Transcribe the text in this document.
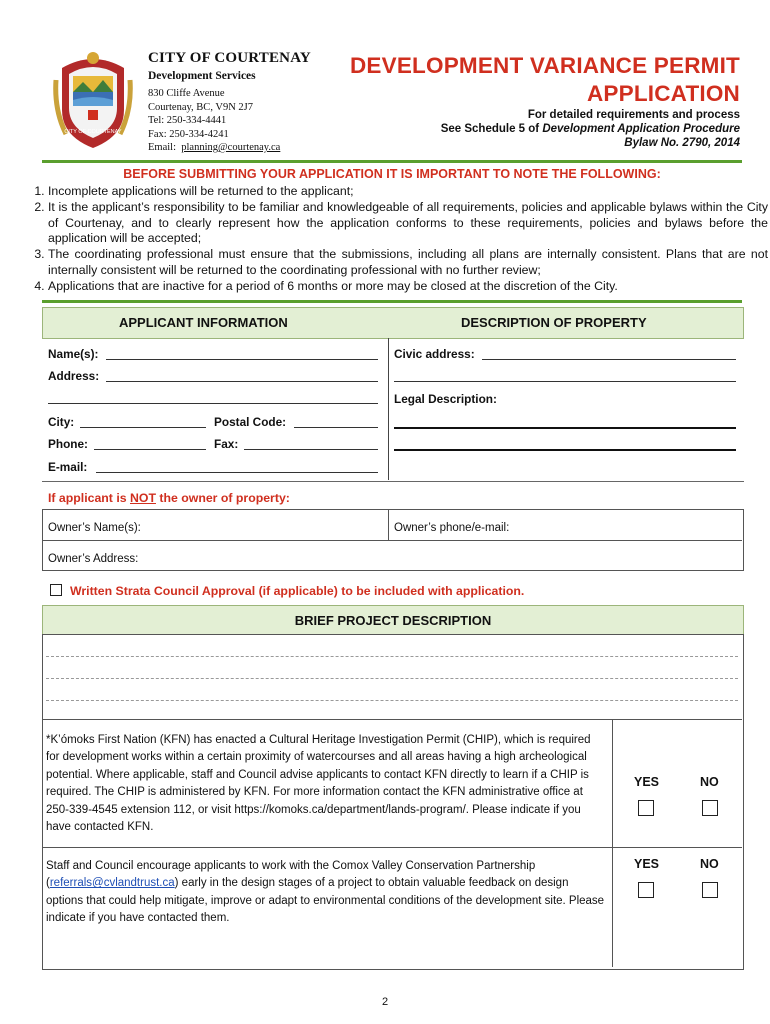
CITY OF COURTENAY
CITY OF COURTENAY
Development Services
830 Cliffe Avenue
Courtenay, BC, V9N 2J7
Tel: 250-334-4441
Fax: 250-334-4241
Email: planning@courtenay.ca
DEVELOPMENT VARIANCE PERMIT
APPLICATION
For detailed requirements and process
See Schedule 5 of Development Application Procedure
Bylaw No. 2790, 2014
BEFORE SUBMITTING YOUR APPLICATION IT IS IMPORTANT TO NOTE THE FOLLOWING:
1. Incomplete applications will be returned to the applicant;
2. It is the applicant’s responsibility to be familiar and knowledgeable of all requirements, policies and applicable bylaws within the City of Courtenay, and to clearly represent how the application conforms to these requirements, policies and bylaws before the application will be accepted;
3. The coordinating professional must ensure that the submissions, including all plans are internally consistent. Plans that are not internally consistent will be returned to the coordinating professional with no further review;
4. Applications that are inactive for a period of 6 months or more may be closed at the discretion of the City.
APPLICANT INFORMATION	DESCRIPTION OF PROPERTY
Name(s):
Address:
City:	Postal Code:
Phone:	Fax:
E-mail:
Civic address:
Legal Description:
If applicant is NOT the owner of property:
Owner’s Name(s):	Owner’s phone/e-mail:
Owner’s Address:
Written Strata Council Approval (if applicable) to be included with application.
BRIEF PROJECT DESCRIPTION
*K’ómoks First Nation (KFN) has enacted a Cultural Heritage Investigation Permit (CHIP), which is required for development works within a certain proximity of watercourses and all areas having a high archeological potential. Where applicable, staff and Council advise applicants to contact KFN directly to learn if a CHIP is required. The CHIP is administered by KFN. For more information contact the KFN administrative office at 250-339-4545 extension 112, or visit https://komoks.ca/department/lands-program/. Please indicate if you have contacted KFN.
YES	NO
Staff and Council encourage applicants to work with the Comox Valley Conservation Partnership (referrals@cvlandtrust.ca) early in the design stages of a project to obtain valuable feedback on design options that could help mitigate, improve or adapt to environmental conditions of the development site. Please indicate if you have contacted them.
YES	NO
2
